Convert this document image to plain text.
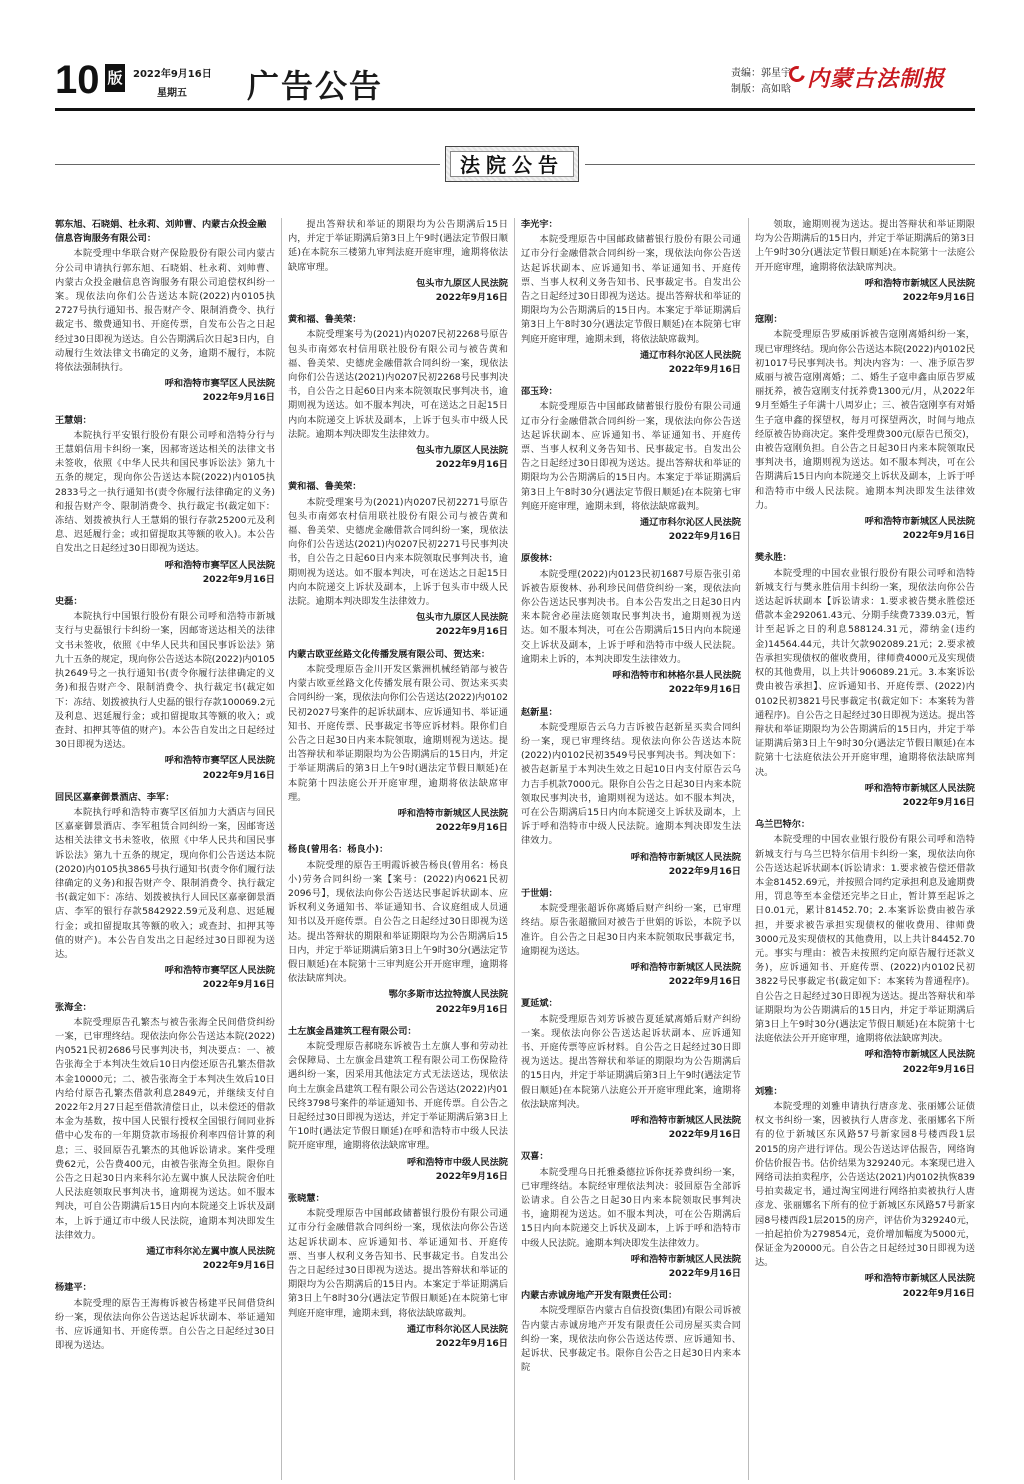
10 版 2022年9月16日
星期五 广告公告	责编：郭星宇
制版：高如晗 内蒙古法制报
法院公告
郭东旭、石晓娟、杜永莉、刘帅曹、内蒙古众投金融信息咨询服务有限公司：
本院受理中华联合财产保险股份有限公司内蒙古分公司申请执行郭东旭、石晓娟、杜永莉、刘帅曹、内蒙古众投金融信息咨询服务有限公司追偿权纠纷一案。现依法向你们公告送达本院(2022)内0105执2727号执行通知书、报告财产令、限制消费令、执行裁定书、缴费通知书、开庭传票，自发布公告之日起经过30日即视为送达。自公告期满后次日起3日内，自动履行生效法律文书确定的义务，逾期不履行，本院将依法强制执行。
呼和浩特市赛罕区人民法院
2022年9月16日
王慧娟：
本院执行平安银行股份有限公司呼和浩特分行与王慧娟信用卡纠纷一案，因郝寄送达相关的法律文书未签收，依照《中华人民共和国民事诉讼法》第九十五条的规定，现向你公告送达本院(2022)内0105执2833号之一执行通知书(责令你履行法律确定的义务)和报告财产令、限制消费令、执行裁定书(裁定如下：冻结、划拨被执行人王慧娟的银行存款25200元及利息、迟延履行金；或扣留提取其等额的收入)。本公告自发出之日起经过30日即视为送达。
呼和浩特市赛罕区人民法院
2022年9月16日
史磊：
本院执行中国银行股份有限公司呼和浩特市新城支行与史磊银行卡纠纷一案，因邮寄送达相关的法律文书未签收，依照《中华人民共和国民事诉讼法》第九十五条的规定，现向你公告送达本院(2022)内0105执2649号之一执行通知书(责令你履行法律确定的义务)和报告财产令、限制消费令、执行裁定书(裁定如下：冻结、划拨被执行人史磊的银行存款100069.2元及利息、迟延履行金；或扣留提取其等额的收入；或查封、扣押其等值的财产)。本公告自发出之日起经过30日即视为送达。
呼和浩特市赛罕区人民法院
2022年9月16日
回民区嘉豪御景酒店、李军：
本院执行呼和浩特市赛罕区佰加力大酒店与回民区嘉豪御景酒店、李军租赁合同纠纷一案，因邮寄送达相关法律文书未签收，依照《中华人民共和国民事诉讼法》第九十五条的规定，现向你们公告送达本院(2020)内0105执3865号执行通知书(责令你们履行法律确定的义务)和报告财产令、限制消费令、执行裁定书(裁定如下：冻结、划拨被执行人回民区嘉豪御景酒店、李军的银行存款5842922.59元及利息、迟延履行金；或扣留提取其等额的收入；或查封、扣押其等值的财产)。本公告自发出之日起经过30日即视为送达。
呼和浩特市赛罕区人民法院
2022年9月16日
张海全：
本院受理原告孔繁杰与被告张海全民间借贷纠纷一案，已审理终结。现依法向你公告送达本院(2022)内0521民初2686号民事判决书，判决要点：一、被告张海全于本判决生效后10日内偿还原告孔繁杰借款本金10000元；二、被告张海全于本判决生效后10日内给付原告孔繁杰借款利息2849元，并继续支付自2022年2月27日起至借款清偿日止，以未偿还的借款本金为基数，按中国人民银行授权全国银行间同业拆借中心发布的一年期贷款市场报价利率四倍计算的利息；三、驳回原告孔繁杰的其他诉讼请求。案件受理费62元，公告费400元，由被告张海全负担。限你自公告之日起30日内来科尔沁左翼中旗人民法院舍伯吐人民法庭领取民事判决书，逾期视为送达。如不服本判决，可自公告期满后15日内向本院递交上诉状及副本，上诉于通辽市中级人民法院，逾期本判决即发生法律效力。
通辽市科尔沁左翼中旗人民法院
2022年9月16日
杨建平：
本院受理的原告王海梅诉被告杨建平民间借贷纠纷一案，现依法向你公告送达起诉状副本、举证通知书、应诉通知书、开庭传票。自公告之日起经过30日即视为送达。
提出答辩状和举证的期限均为公告期满后15日内，并定于举证期满后第3日上午9时(遇法定节假日顺延)在本院东三楼第九审判法庭开庭审理，逾期将依法缺席审理。
包头市九原区人民法院
2022年9月16日
黄和福、鲁美荣：
本院受理案号为(2021)内0207民初2268号原告包头市南郊农村信用联社股份有限公司与被告黄和福、鲁美荣、史德虎金融借款合同纠纷一案，现依法向你们公告送达(2021)内0207民初2268号民事判决书，自公告之日起60日内来本院领取民事判决书，逾期则视为送达。如不服本判决，可在送达之日起15日内向本院递交上诉状及副本，上诉于包头市中级人民法院。逾期本判决即发生法律效力。
包头市九原区人民法院
2022年9月16日
黄和福、鲁美荣：
本院受理案号为(2021)内0207民初2271号原告包头市南郊农村信用联社股份有限公司与被告黄和福、鲁美荣、史德虎金融借款合同纠纷一案，现依法向你们公告送达(2021)内0207民初2271号民事判决书，自公告之日起60日内来本院领取民事判决书，逾期则视为送达。如不服本判决，可在送达之日起15日内向本院递交上诉状及副本，上诉于包头市中级人民法院。逾期本判决即发生法律效力。
包头市九原区人民法院
2022年9月16日
内蒙古欧亚丝路文化传播发展有限公司、贺达来：
本院受理原告金川开发区紫洲机械经销部与被告内蒙古欧亚丝路文化传播发展有限公司、贺达来买卖合同纠纷一案，现依法向你们公告送达(2022)内0102民初2027号案件的起诉状副本、应诉通知书、举证通知书、开庭传票、民事裁定书等应诉材料。限你们自公告之日起30日内来本院领取，逾期则视为送达。提出答辩状和举证期限均为公告期满后的15日内，并定于举证期满后的第3日上午9时(遇法定节假日顺延)在本院第十四法庭公开开庭审理，逾期将依法缺席审理。
呼和浩特市新城区人民法院
2022年9月16日
杨良(曾用名：杨良小)：
本院受理的原告王明霞诉被告杨良(曾用名：杨良小)劳务合同纠纷一案【案号：(2022)内0621民初2096号】，现依法向你公告送达民事起诉状副本、应诉权利义务通知书、举证通知书、合议庭组成人员通知书以及开庭传票。自公告之日起经过30日即视为送达。提出答辩状的期限和举证期限均为公告期满后15日内，并定于举证期满后第3日上午9时30分(遇法定节假日顺延)在本院第十三审判庭公开开庭审理，逾期将依法缺席判决。
鄂尔多斯市达拉特旗人民法院
2022年9月16日
土左旗金昌建筑工程有限公司：
本院受理原告郝晓东诉被告土左旗人事和劳动社会保障局、土左旗金昌建筑工程有限公司工伤保险待遇纠纷一案，因采用其他法定方式无法送达，现依法向土左旗金昌建筑工程有限公司公告送达(2022)内01民终3798号案件的举证通知书、开庭传票。自公告之日起经过30日即视为送达，并定于举证期满后第3日上午10时(遇法定节假日顺延)在呼和浩特市中级人民法院开庭审理，逾期将依法缺席审理。
呼和浩特市中级人民法院
2022年9月16日
张晓慧：
本院受理原告中国邮政储蓄银行股份有限公司通辽市分行金融借款合同纠纷一案，现依法向你公告送达起诉状副本、应诉通知书、举证通知书、开庭传票、当事人权利义务告知书、民事裁定书。自发出公告之日起经过30日即视为送达。提出答辩状和举证的期限均为公告期满后的15日内。本案定于举证期满后第3日上午8时30分(遇法定节假日顺延)在本院第七审判庭开庭审理，逾期未到，将依法缺席裁判。
通辽市科尔沁区人民法院
2022年9月16日
李光宇：
本院受理原告中国邮政储蓄银行股份有限公司通辽市分行金融借款合同纠纷一案，现依法向你公告送达起诉状副本、应诉通知书、举证通知书、开庭传票、当事人权利义务告知书、民事裁定书。自发出公告之日起经过30日即视为送达。提出答辩状和举证的期限均为公告期满后的15日内。本案定于举证期满后第3日上午8时30分(遇法定节假日顺延)在本院第七审判庭开庭审理，逾期未到，将依法缺席裁判。
通辽市科尔沁区人民法院
2022年9月16日
邵玉玲：
本院受理原告中国邮政储蓄银行股份有限公司通辽市分行金融借款合同纠纷一案，现依法向你公告送达起诉状副本、应诉通知书、举证通知书、开庭传票、当事人权利义务告知书、民事裁定书。自发出公告之日起经过30日即视为送达。提出答辩状和举证的期限均为公告期满后的15日内。本案定于举证期满后第3日上午8时30分(遇法定节假日顺延)在本院第七审判庭开庭审理，逾期未到，将依法缺席裁判。
通辽市科尔沁区人民法院
2022年9月16日
原俊林：
本院受理(2022)内0123民初1687号原告张引弟诉被告原俊林、孙利珍民间借贷纠纷一案，现依法向你公告送达民事判决书。自本公告发出之日起30日内来本院舍必崖法庭领取民事判决书，逾期则视为送达。如不服本判决，可在公告期满后15日内向本院递交上诉状及副本，上诉于呼和浩特市中级人民法院。逾期未上诉的，本判决即发生法律效力。
呼和浩特市和林格尔县人民法院
2022年9月16日
赵新星：
本院受理原告云乌力吉诉被告赵新星买卖合同纠纷一案，现已审理终结。现依法向你公告送达本院(2022)内0102民初3549号民事判决书。判决如下：被告赵新星于本判决生效之日起10日内支付原告云乌力吉手机款7000元。限你自公告之日起30日内来本院领取民事判决书，逾期则视为送达。如不服本判决，可在公告期满后15日内向本院递交上诉状及副本，上诉于呼和浩特市中级人民法院。逾期本判决即发生法律效力。
呼和浩特市新城区人民法院
2022年9月16日
于世娟：
本院受理张超诉你离婚后财产纠纷一案，已审理终结。原告张超撤回对被告于世娟的诉讼，本院予以准许。自公告之日起30日内来本院领取民事裁定书，逾期视为送达。
呼和浩特市新城区人民法院
2022年9月16日
夏延斌：
本院受理原告刘芳诉被告夏延斌离婚后财产纠纷一案。现依法向你公告送达起诉状副本、应诉通知书、开庭传票等应诉材料。自公告之日起经过30日即视为送达。提出答辩状和举证的期限均为公告期满后的15日内，并定于举证期满后第3日上午9时(遇法定节假日顺延)在本院第八法庭公开开庭审理此案，逾期将依法缺席判决。
呼和浩特市新城区人民法院
2022年9月16日
双喜：
本院受理乌日托雅桑德拉诉你抚养费纠纷一案，已审理终结。本院经审理依法判决：驳回原告全部诉讼请求。自公告之日起30日内来本院领取民事判决书，逾期视为送达。如不服本判决，可在公告期满后15日内向本院递交上诉状及副本，上诉于呼和浩特市中级人民法院。逾期本判决即发生法律效力。
呼和浩特市新城区人民法院
2022年9月16日
内蒙古赤诚房地产开发有限责任公司：
本院受理原告内蒙古自信投资(集团)有限公司诉被告内蒙古赤诚房地产开发有限责任公司房屋买卖合同纠纷一案，现依法向你公告送达传票、应诉通知书、起诉状、民事裁定书。限你自公告之日起30日内来本院
领取，逾期则视为送达。提出答辩状和举证期限均为公告期满后的15日内，并定于举证期满后的第3日上午9时30分(遇法定节假日顺延)在本院第十一法庭公开开庭审理，逾期将依法缺席判决。
呼和浩特市新城区人民法院
2022年9月16日
寇刚：
本院受理原告罗威丽诉被告寇刚离婚纠纷一案，现已审理终结。现向你公告送达本院(2022)内0102民初1017号民事判决书。判决内容为：一、准予原告罗威丽与被告寇刚离婚；二、婚生子寇申鑫由原告罗威丽抚养，被告寇刚支付抚养费1300元/月，从2022年9月至婚生子年满十八周岁止；三、被告寇刚享有对婚生子寇申鑫的探望权，每月可探望两次，时间与地点经原被告协商决定。案件受理费300元(原告已预交)，由被告寇刚负担。自公告之日起30日内来本院领取民事判决书，逾期则视为送达。如不服本判决，可在公告期满后15日内向本院递交上诉状及副本，上诉于呼和浩特市中级人民法院。逾期本判决即发生法律效力。
呼和浩特市新城区人民法院
2022年9月16日
樊永胜：
本院受理的中国农业银行股份有限公司呼和浩特新城支行与樊永胜信用卡纠纷一案，现依法向你公告送达起诉状副本【诉讼请求：1.要求被告樊永胜偿还借款本金292061.43元、分期手续费7339.03元，暂计至起诉之日的利息588124.31元，滞纳金(违约金)14564.44元，共计欠款902089.21元；2.要求被告承担实现债权的催收费用，律师费4000元及实现债权的其他费用，以上共计906089.21元。3.本案诉讼费由被告承担】、应诉通知书、开庭传票、(2022)内0102民初3821号民事裁定书(裁定如下：本案转为普通程序)。自公告之日起经过30日即视为送达。提出答辩状和举证期限均为公告期满后的15日内，并定于举证期满后第3日上午9时30分(遇法定节假日顺延)在本院第十七法庭依法公开开庭审理，逾期将依法缺席判决。
呼和浩特市新城区人民法院
2022年9月16日
乌兰巴特尔：
本院受理的中国农业银行股份有限公司呼和浩特新城支行与乌兰巴特尔信用卡纠纷一案，现依法向你公告送达起诉状副本(诉讼请求：1.要求被告偿还借款本金81452.69元，并按照合同约定承担利息及逾期费用，罚息等至本金偿还完毕之日止，暂计算至起诉之日0.01元，累计81452.70；2.本案诉讼费由被告承担，并要求被告承担实现债权的催收费用、律师费3000元及实现债权的其他费用，以上共计84452.70元。事实与理由：被告未按照约定向原告履行还款义务)，应诉通知书、开庭传票、(2022)内0102民初3822号民事裁定书(裁定如下：本案转为普通程序)。自公告之日起经过30日即视为送达。提出答辩状和举证期限均为公告期满后的15日内，并定于举证期满后第3日上午9时30分(遇法定节假日顺延)在本院第十七法庭依法公开开庭审理，逾期将依法缺席判决。
呼和浩特市新城区人民法院
2022年9月16日
刘雅：
本院受理的刘雅申请执行唐彦龙、张丽娜公证债权文书纠纷一案，因被执行人唐彦龙、张丽娜名下所有的位于新城区东风路57号新家园8号楼西段1层2015的房产进行评估。现公告送达评估报告，网络询价估价报告书。估价结果为329240元。本案现已进入网络司法拍卖程序，公告送达(2021)内0102执恢839号拍卖裁定书，通过淘宝网进行网络拍卖被执行人唐彦龙、张丽娜名下所有的位于新城区东风路57号新家园8号楼西段1层2015的房产，评估价为329240元，一拍起拍价为279854元，竞价增加幅度为5000元，保证金为20000元。自公告之日起经过30日即视为送达。
呼和浩特市新城区人民法院
2022年9月16日
